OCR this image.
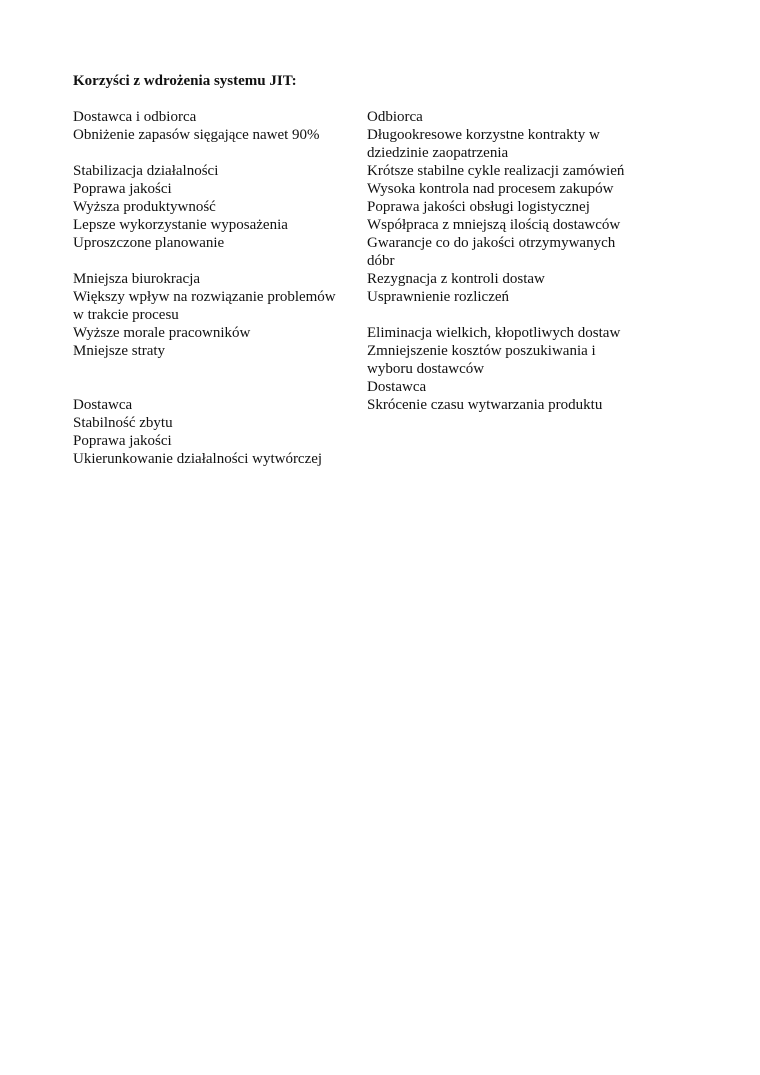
Korzyści z wdrożenia systemu JIT:
Dostawca i odbiorca
Obniżenie zapasów sięgające nawet 90%
Stabilizacja działalności
Poprawa jakości
Wyższa produktywność
Lepsze wykorzystanie wyposażenia
Uproszczone planowanie
Mniejsza biurokracja
Większy wpływ na rozwiązanie problemów
w trakcie procesu
Wyższe morale pracowników
Mniejsze straty
Dostawca
Stabilność zbytu
Poprawa jakości
Ukierunkowanie działalności wytwórczej
Odbiorca
Długookresowe korzystne kontrakty w
dziedzinie zaopatrzenia
Krótsze stabilne cykle realizacji zamówień
Wysoka kontrola nad procesem zakupów
Poprawa jakości obsługi logistycznej
Współpraca z mniejszą ilością dostawców
Gwarancje co do jakości otrzymywanych
dóbr
Rezygnacja z kontroli dostaw
Usprawnienie rozliczeń
Eliminacja wielkich, kłopotliwych dostaw
Zmniejszenie kosztów poszukiwania i
wyboru dostawców
Dostawca
Skrócenie czasu wytwarzania produktu
